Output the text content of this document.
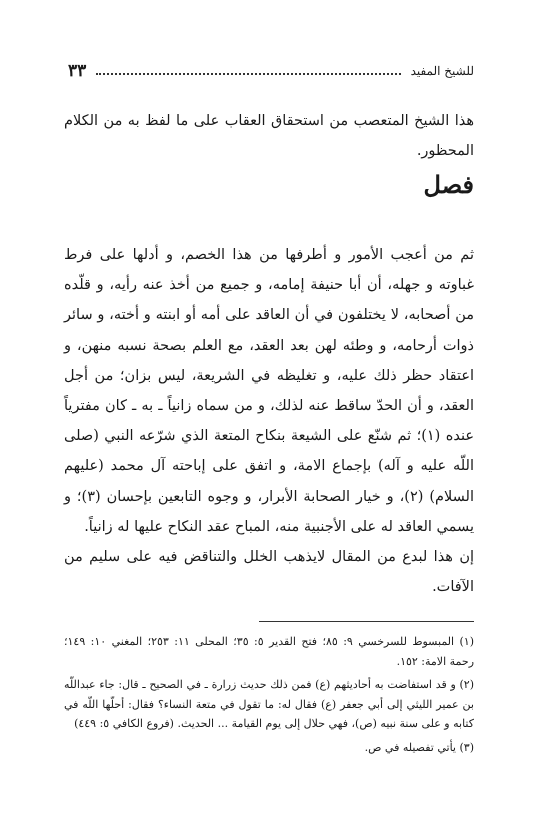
للشيخ المفيد
٣٣

هذا الشيخ المتعصب من استحقاق العقاب على ما لفظ به من الكلام المحظور.

فصل

ثم من أعجب الأمور و أطرفها من هذا الخصم، و أدلها على فرط غباوته و جهله، أن أبا حنيفة إمامه، و جميع من أخذ عنه رأيه، و قلّده من أصحابه، لا يختلفون في أن العاقد على أمه أو ابنته و أخته، و سائر ذوات أرحامه، و وطئه لهن بعد العقد، مع العلم بصحة نسبه منهن، و اعتقاد حظر ذلك عليه، و تغليظه في الشريعة، ليس بزان؛ من أجل العقد، و أن الحدّ ساقط عنه لذلك، و من سماه زانياً ـ به ـ كان مفترياً عنده (١)؛ ثم شنّع على الشيعة بنكاح المتعة الذي شرّعه النبي (صلى اللّه عليه و آله) بإجماع الامة، و اتفق على إباحته آل محمد (عليهم السلام) (٢)، و خيار الصحابة الأبرار، و وجوه التابعين بإحسان (٣)؛ و يسمي العاقد له على الأجنبية منه، المباح عقد النكاح عليها له زانياً.

إن هذا لبدع من المقال لايذهب الخلل والتناقض فيه على سليم من الآفات.

(١) المبسوط للسرخسي ٩: ٨٥؛ فتح القدير ٥: ٣٥؛ المحلى ١١: ٢٥٣؛ المغني ١٠: ١٤٩؛ رحمة الامة: ١٥٢.

(٢) و قد استفاضت به أحاديثهم (ع) فمن ذلك حديث زرارة ـ في الصحيح ـ قال: جاء عبداللّه بن عمير الليثي إلى أبي جعفر (ع) فقال له: ما تقول في متعة النساء؟ فقال: أحلّها اللّه في كتابه و على سنة نبيه (ص)، فهي حلال إلى يوم القيامة ... الحديث. (فروع الكافي ٥: ٤٤٩)

(٣) يأتي تفصيله في ص.
